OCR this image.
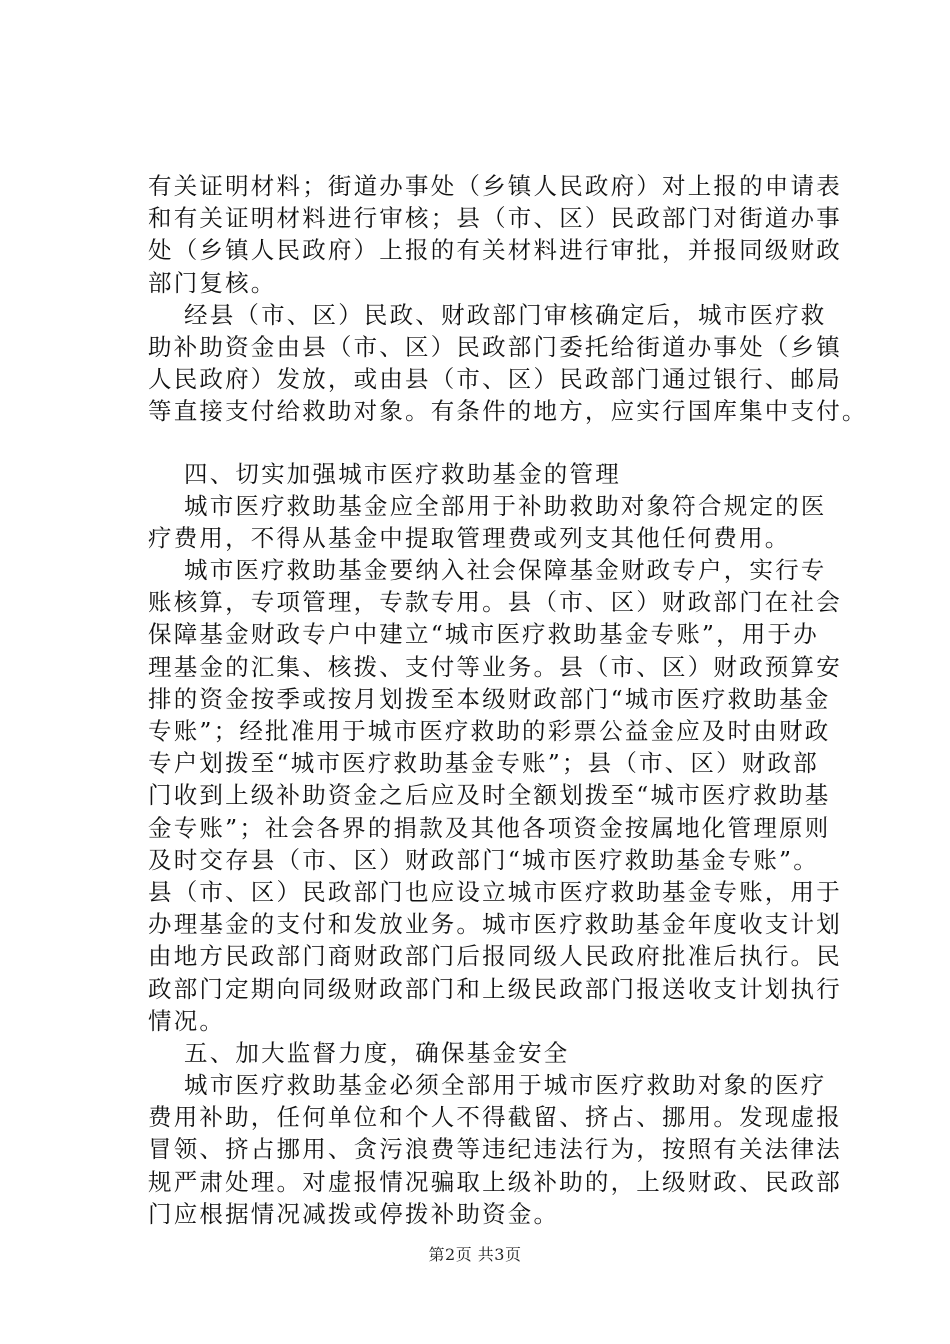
有关证明材料；街道办事处（乡镇人民政府）对上报的申请表
和有关证明材料进行审核；县（市、区）民政部门对街道办事
处（乡镇人民政府）上报的有关材料进行审批，并报同级财政
部门复核。
经县（市、区）民政、财政部门审核确定后，城市医疗救
助补助资金由县（市、区）民政部门委托给街道办事处（乡镇
人民政府）发放，或由县（市、区）民政部门通过银行、邮局
等直接支付给救助对象。有条件的地方，应实行国库集中支付。
四、切实加强城市医疗救助基金的管理
城市医疗救助基金应全部用于补助救助对象符合规定的医
疗费用，不得从基金中提取管理费或列支其他任何费用。
城市医疗救助基金要纳入社会保障基金财政专户，实行专
账核算，专项管理，专款专用。县（市、区）财政部门在社会
保障基金财政专户中建立“城市医疗救助基金专账”，用于办
理基金的汇集、核拨、支付等业务。县（市、区）财政预算安
排的资金按季或按月划拨至本级财政部门“城市医疗救助基金
专账”；经批准用于城市医疗救助的彩票公益金应及时由财政
专户划拨至“城市医疗救助基金专账”；县（市、区）财政部
门收到上级补助资金之后应及时全额划拨至“城市医疗救助基
金专账”；社会各界的捐款及其他各项资金按属地化管理原则
及时交存县（市、区）财政部门“城市医疗救助基金专账”。
县（市、区）民政部门也应设立城市医疗救助基金专账，用于
办理基金的支付和发放业务。城市医疗救助基金年度收支计划
由地方民政部门商财政部门后报同级人民政府批准后执行。民
政部门定期向同级财政部门和上级民政部门报送收支计划执行
情况。
五、加大监督力度，确保基金安全
城市医疗救助基金必须全部用于城市医疗救助对象的医疗
费用补助，任何单位和个人不得截留、挤占、挪用。发现虚报
冒领、挤占挪用、贪污浪费等违纪违法行为，按照有关法律法
规严肃处理。对虚报情况骗取上级补助的，上级财政、民政部
门应根据情况减拨或停拨补助资金。
第2页 共3页
